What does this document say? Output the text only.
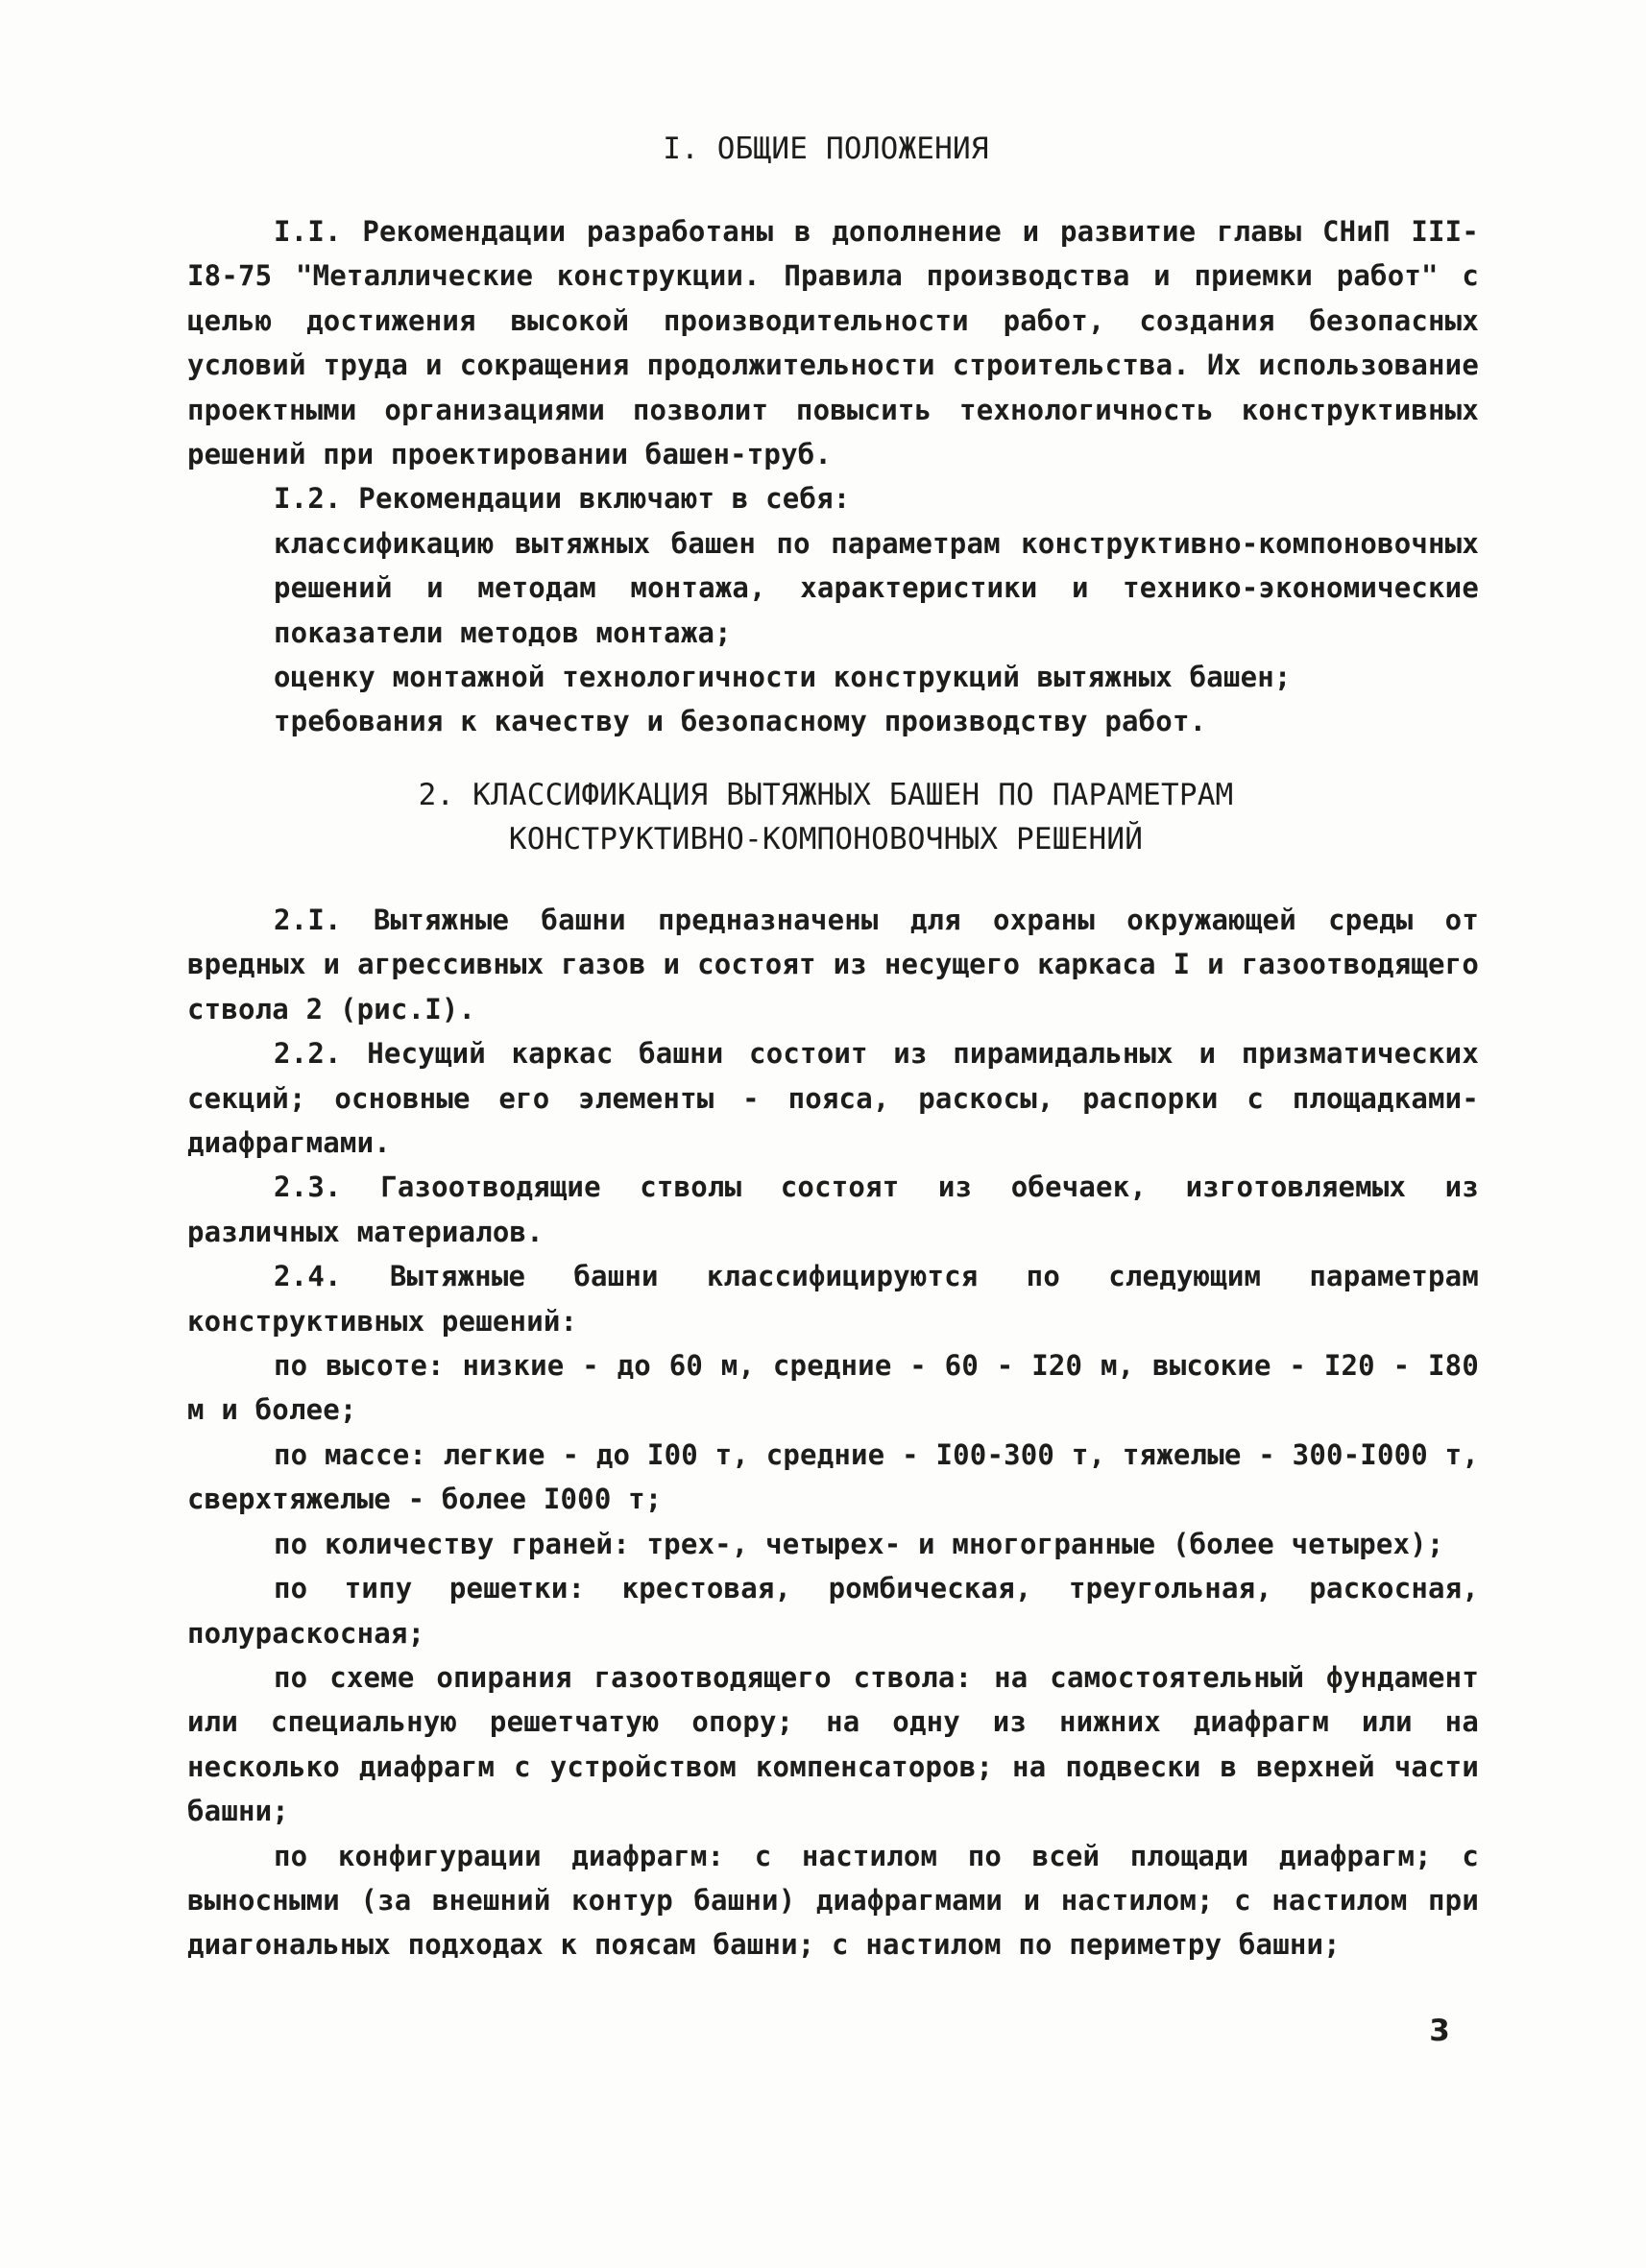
I. ОБЩИЕ ПОЛОЖЕНИЯ

I.I. Рекомендации разработаны в дополнение и развитие главы СНиП III-I8-75 "Металлические конструкции. Правила производства и приемки работ" с целью достижения высокой производительности работ, создания безопасных условий труда и сокращения продолжительности строительства. Их использование проектными организациями позволит повысить технологичность конструктивных решений при проектировании башен-труб.

I.2. Рекомендации включают в себя:

классификацию вытяжных башен по параметрам конструктивно-компоновочных решений и методам монтажа, характеристики и технико-экономические показатели методов монтажа;

оценку монтажной технологичности конструкций вытяжных башен;

требования к качеству и безопасному производству работ.

2. КЛАССИФИКАЦИЯ ВЫТЯЖНЫХ БАШЕН ПО ПАРАМЕТРАМ
КОНСТРУКТИВНО-КОМПОНОВОЧНЫХ РЕШЕНИЙ

2.I. Вытяжные башни предназначены для охраны окружающей среды от вредных и агрессивных газов и состоят из несущего каркаса I и газоотводящего ствола 2 (рис.I).

2.2. Несущий каркас башни состоит из пирамидальных и призматических секций; основные его элементы - пояса, раскосы, распорки с площадками-диафрагмами.

2.3. Газоотводящие стволы состоят из обечаек, изготовляемых из различных материалов.

2.4. Вытяжные башни классифицируются по следующим параметрам конструктивных решений:

по высоте: низкие - до 60 м, средние - 60 - I20 м, высокие - I20 - I80 м и более;

по массе: легкие - до I00 т, средние - I00-300 т, тяжелые - 300-I000 т, сверхтяжелые - более I000 т;

по количеству граней: трех-, четырех- и многогранные (более четырех);

по типу решетки: крестовая, ромбическая, треугольная, раскосная, полураскосная;

по схеме опирания газоотводящего ствола: на самостоятельный фундамент или специальную решетчатую опору; на одну из нижних диафрагм или на несколько диафрагм с устройством компенсаторов; на подвески в верхней части башни;

по конфигурации диафрагм: с настилом по всей площади диафрагм; с выносными (за внешний контур башни) диафрагмами и настилом; с настилом при диагональных подходах к поясам башни; с настилом по периметру башни;

3
